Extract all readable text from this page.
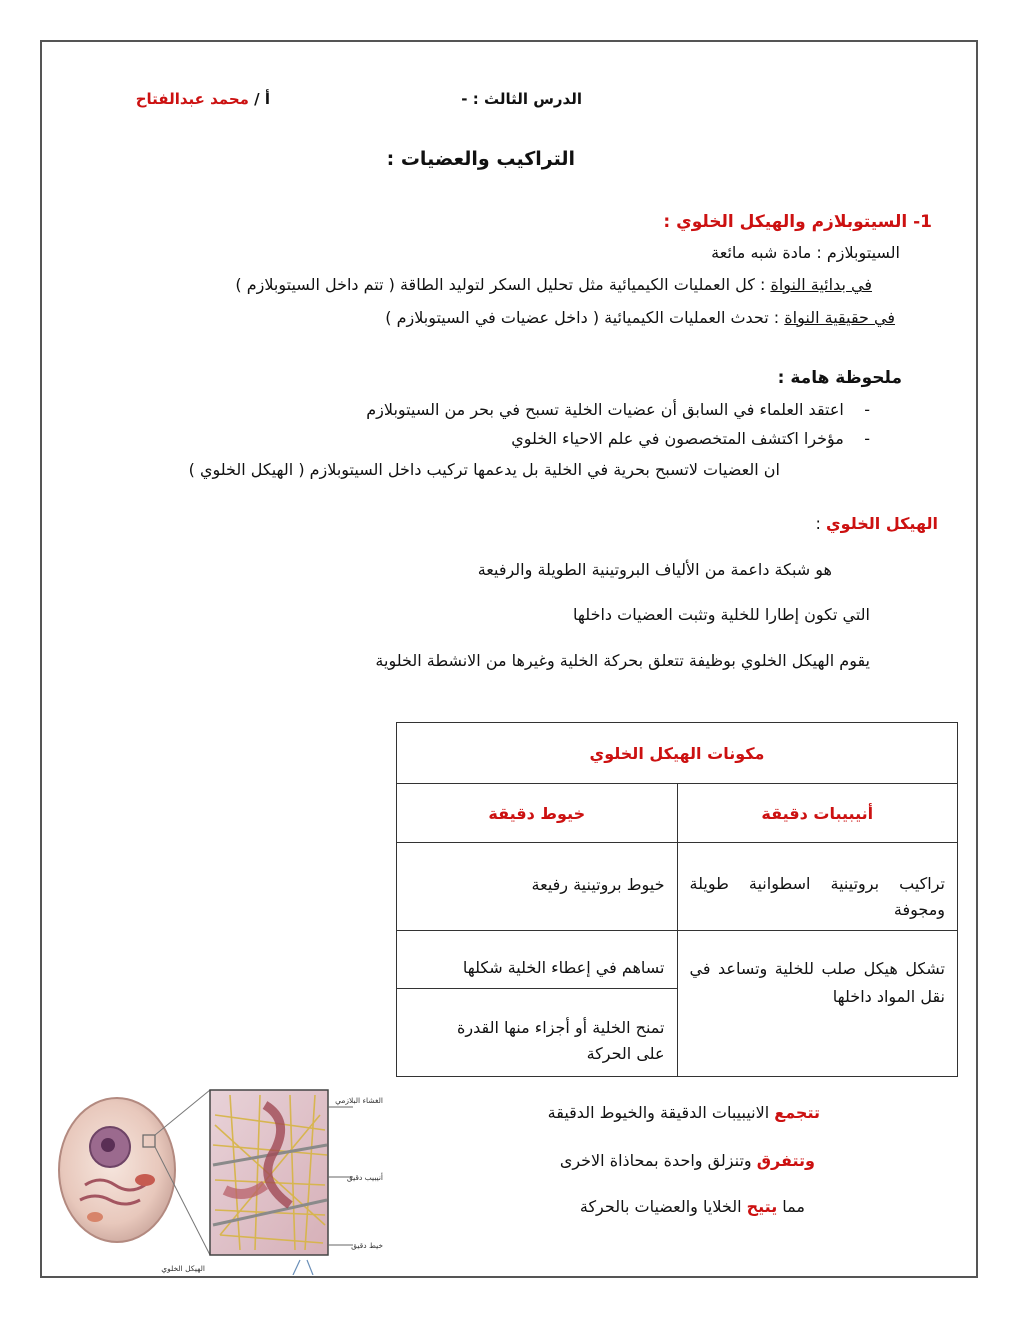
الدرس الثالث : -
أ / محمد عبدالفتاح
التراكيب والعضيات :
1- السيتوبلازم والهيكل الخلوي :
السيتوبلازم : مادة شبه مائعة
في بدائية النواة : كل العمليات الكيميائية مثل تحليل السكر لتوليد الطاقة ( تتم داخل السيتوبلازم )
في حقيقية النواة : تحدث العمليات الكيميائية ( داخل عضيات في السيتوبلازم )
ملحوظة هامة :
-    اعتقد العلماء في السابق أن عضيات الخلية تسبح في بحر من السيتوبلازم
-    مؤخرا اكتشف المتخصصون في علم الاحياء الخلوي
ان العضيات لاتسبح بحرية في الخلية بل يدعمها تركيب داخل السيتوبلازم ( الهيكل الخلوي )
الهيكل الخلوي :
هو شبكة داعمة من الألياف البروتينية الطويلة والرفيعة
التي تكون إطارا للخلية وتثبت العضيات داخلها
يقوم الهيكل الخلوي بوظيفة تتعلق بحركة الخلية وغيرها من الانشطة الخلوية
مكونات الهيكل الخلوي	
أنيبيبات دقيقة	خيوط دقيقة

تراكيب بروتينية اسطوانية طويلة ومجوفة	خيوط بروتينية رفيعة

تشكل هيكل صلب للخلية وتساعد في نقل المواد داخلها	تساهم في إعطاء الخلية شكلها

	تمنح الخلية أو أجزاء منها القدرة على الحركة
تتجمع الانيبيبات الدقيقة والخيوط الدقيقة
وتتفرق وتنزلق واحدة بمحاذاة الاخرى
مما يتيح الخلايا والعضيات بالحركة
الغشاء البلازمي
أنيبيب دقيق
خيط دقيق
الهيكل الخلوي
